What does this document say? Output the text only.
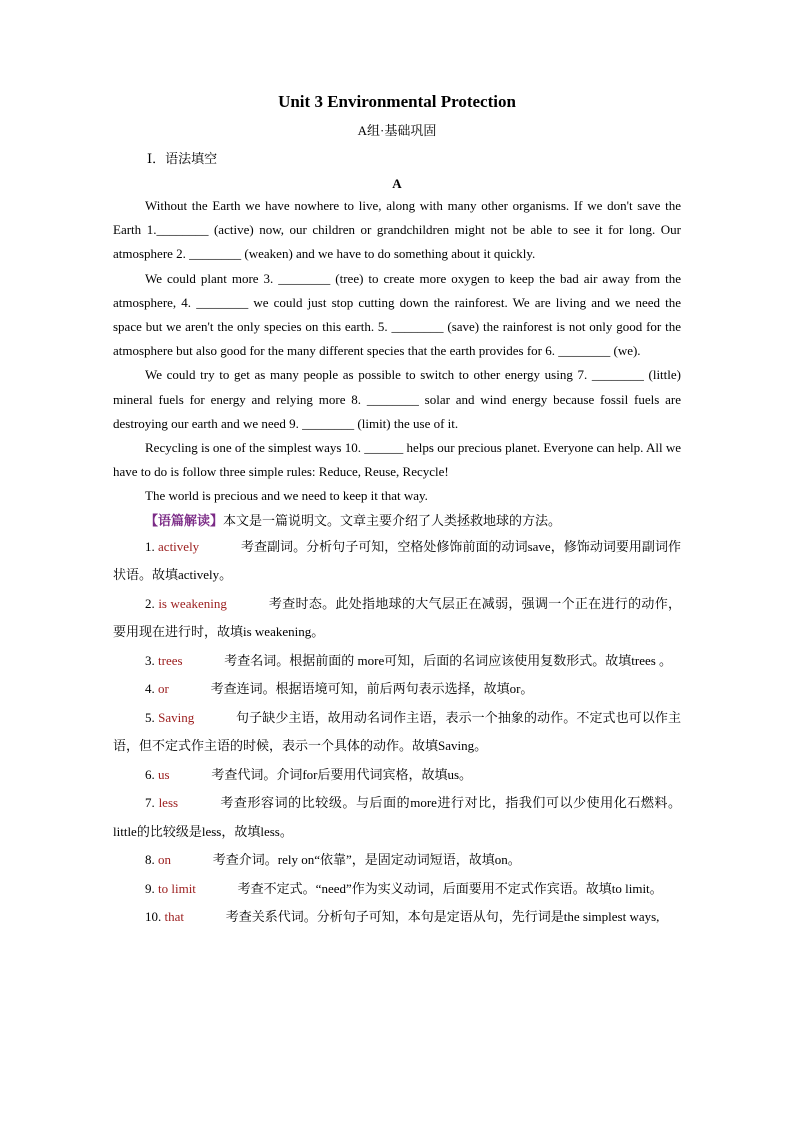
Unit 3 Environmental Protection
A组·基础巩固
Ⅰ．语法填空
A

Without the Earth we have nowhere to live, along with many other organisms. If we don't save the Earth 1.________ (active) now, our children or grandchildren might not be able to see it for long. Our atmosphere 2. ________ (weaken) and we have to do something about it quickly.

We could plant more 3. ________ (tree) to create more oxygen to keep the bad air away from the atmosphere, 4. ________ we could just stop cutting down the rainforest. We are living and we need the space but we aren't the only species on this earth. 5. ________ (save) the rainforest is not only good for the atmosphere but also good for the many different species that the earth provides for 6. ________ (we).

We could try to get as many people as possible to switch to other energy using 7. ________ (little) mineral fuels for energy and relying more 8. ________ solar and wind energy because fossil fuels are destroying our earth and we need 9. ________ (limit) the use of it.

Recycling is one of the simplest ways 10. ______ helps our precious planet. Everyone can help. All we have to do is follow three simple rules: Reduce, Reuse, Recycle!

The world is precious and we need to keep it that way.

【语篇解读】本文是一篇说明文。文章主要介绍了人类拯救地球的方法。

1. actively	考查副词。分析句子可知，空格处修饰前面的动词save，修饰动词要用副词作状语。故填actively。

2. is weakening	考查时态。此处指地球的大气层正在减弱，强调一个正在进行的动作，要用现在进行时，故填is weakening。

3. trees	考查名词。根据前面的 more可知，后面的名词应该使用复数形式。故填trees 。

4. or	考查连词。根据语境可知，前后两句表示选择，故填or。

5. Saving	句子缺少主语，故用动名词作主语，表示一个抽象的动作。不定式也可以作主语，但不定式作主语的时候，表示一个具体的动作。故填Saving。

6. us	考查代词。介词for后要用代词宾格，故填us。

7. less	考查形容词的比较级。与后面的more进行对比，指我们可以少使用化石燃料。little的比较级是less，故填less。

8. on	考查介词。rely on“依靠”，是固定动词短语，故填on。

9. to limit	考查不定式。“need”作为实义动词，后面要用不定式作宾语。故填to limit。

10. that	考查关系代词。分析句子可知，本句是定语从句，先行词是the simplest ways,
